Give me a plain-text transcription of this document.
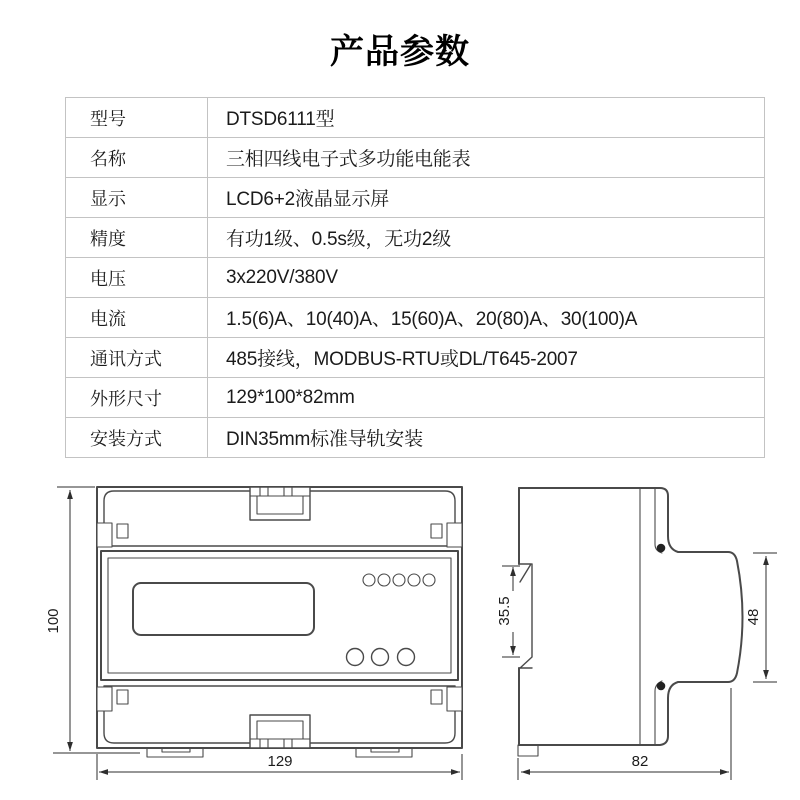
产品参数
型号	DTSD6111型
名称	三相四线电子式多功能电能表
显示	LCD6+2液晶显示屏
精度	有功1级、0.5s级，无功2级
电压	3x220V/380V
电流	1.5(6)A、10(40)A、15(60)A、20(80)A、30(100)A
通讯方式	485接线，MODBUS-RTU或DL/T645-2007
外形尺寸	129*100*82mm
安装方式	DIN35mm标准导轨安装
100
129
35.5	48
82
